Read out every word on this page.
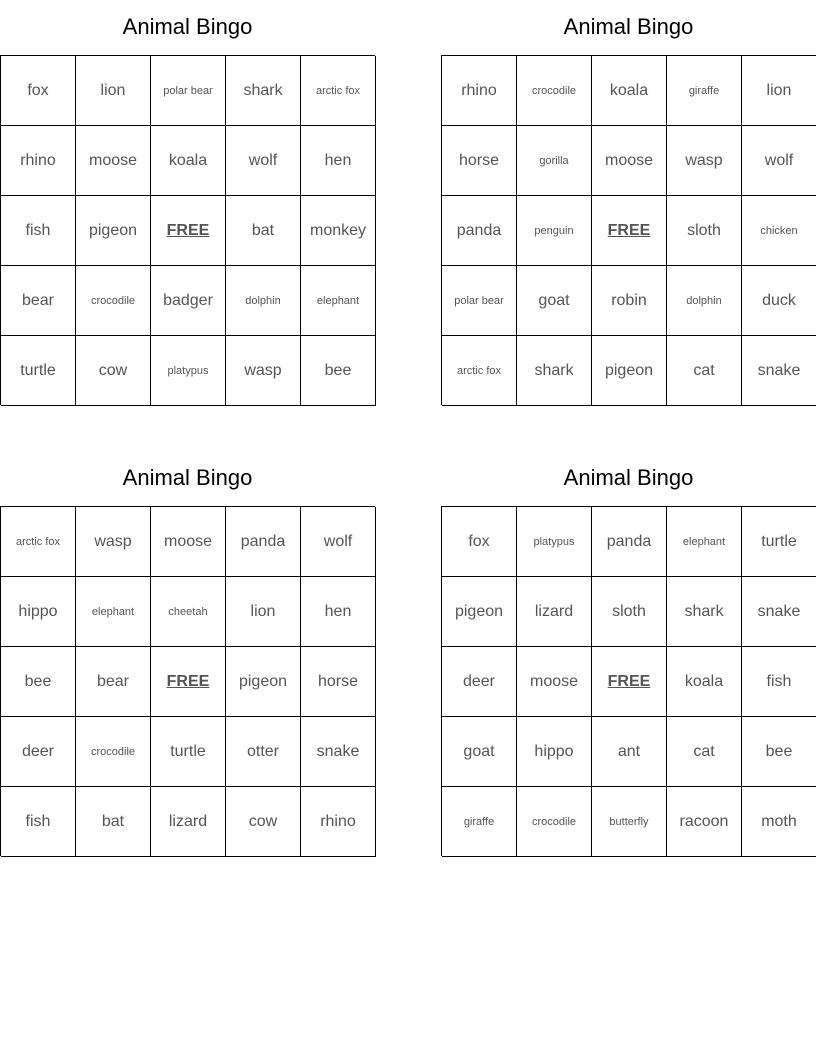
Animal Bingo
fox	lion	polar bear	shark	arctic fox
rhino	moose	koala	wolf	hen
fish	pigeon	FREE	bat	monkey
bear	crocodile	badger	dolphin	elephant
turtle	cow	platypus	wasp	bee
Animal Bingo
rhino	crocodile	koala	giraffe	lion
horse	gorilla	moose	wasp	wolf
panda	penguin	FREE	sloth	chicken
polar bear	goat	robin	dolphin	duck
arctic fox	shark	pigeon	cat	snake
Animal Bingo
arctic fox	wasp	moose	panda	wolf
hippo	elephant	cheetah	lion	hen
bee	bear	FREE	pigeon	horse
deer	crocodile	turtle	otter	snake
fish	bat	lizard	cow	rhino
Animal Bingo
fox	platypus	panda	elephant	turtle
pigeon	lizard	sloth	shark	snake
deer	moose	FREE	koala	fish
goat	hippo	ant	cat	bee
giraffe	crocodile	butterfly	racoon	moth
